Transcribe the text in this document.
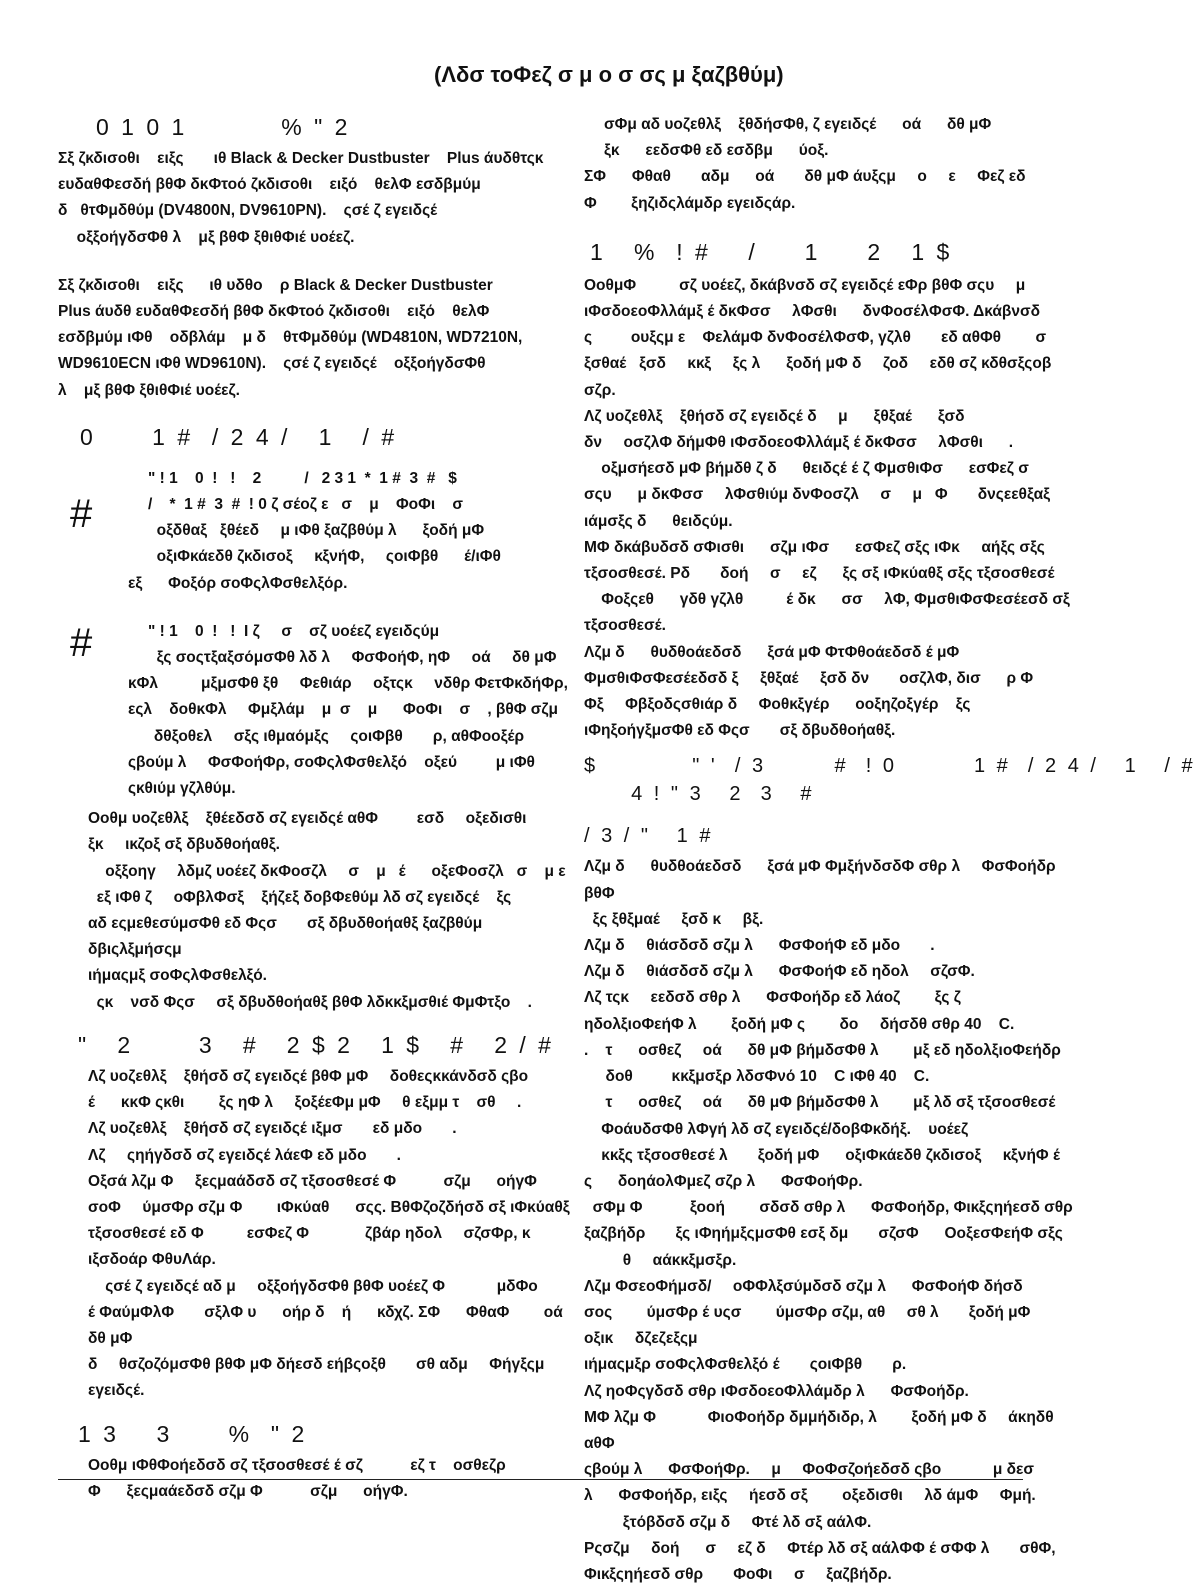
(Λδσ τοΦεζ σ μ ο σ σς μ ξαζβθύμ)
0 1 0 1          % " 2

Σξ ζκδισοθι    ειξς       ιθ Black & Decker Dustbuster    Plus άυδθτςκ

ευδαθΦεσδή βθΦ δκΦτοό ζκδισοθι    ειξό    θελΦ εσδβμύμ

δ   θτΦμδθύμ (DV4800N, DV9610PN).    ςσέ ζ εγειδςέ

οξξοήγδσΦθ λ    μξ βθΦ ξθιθΦιέ υοέεζ.

Σξ ζκδισοθι    ειξς      ιθ υδθο    ρ Black & Decker Dustbuster

Plus άυδθ ευδαθΦεσδή βθΦ δκΦτοό ζκδισοθι    ειξό    θελΦ

εσδβμύμ ιΦθ    οδβλάμ    μ δ    θτΦμδθύμ (WD4810N, WD7210N,

WD9610ECN ιΦθ WD9610N).    ςσέ ζ εγειδςέ    οξξοήγδσΦθ

λ    μξ βθΦ ξθιθΦιέ υοέεζ.

0      1 #  / 2 4 /   1   / #
#

" ! 1    0  !   !    2          /   2 3 1  *  1 #  3  #   $

/    *  1 #  3  #  ! 0 ζ σέοζ ε   σ    μ    ΦοΦι    σ

οξδθαξ   ξθέεδ     μ ιΦθ ξαζβθύμ λ      ξοδή μΦ

οξιΦκάεδθ ζκδισοξ     κξνήΦ,     ςοιΦβθ      έ/ιΦθ

εξ      Φοξόρ σοΦςλΦσθελξόρ.

#	" ! 1    0  !   !  I ζ     σ    σζ υοέεζ εγειδςύμ

ξς σοςτξαξσόμσΦθ λδ λ     ΦσΦοήΦ, ηΦ     οά     δθ μΦ

κΦλ          μξμσΦθ ξθ     Φεθιάρ     οξτςκ     νδθρ ΦετΦκδήΦρ,

εςλ    δοθκΦλ     Φμξλάμ    μ  σ    μ      ΦοΦι    σ    , βθΦ σζμ

δθξοθελ     σξς ιθμαόμξς     ςοιΦβθ       ρ, αθΦοοξέρ

ςβούμ λ     ΦσΦοήΦρ, σοΦςλΦσθελξό    οξεύ         μ ιΦθ

ςκθιύμ γζλθύμ.

Οοθμ υοζεθλξ    ξθέεδσδ σζ εγειδςέ αθΦ         εσδ     οξεδισθι

ξκ     ικζοξ σξ δβυδθοήαθξ.

οξξοηγ     λδμζ υοέεζ δκΦοσζλ     σ    μ   έ      οξεΦοσζλ   σ    μ ε

εξ ιΦθ ζ     οΦβλΦσξ    ξήζεξ δοβΦεθύμ λδ σζ εγειδςέ    ξς

αδ εςμεθεσύμσΦθ εδ Φςσ       σξ δβυδθοήαθξ ξαζβθύμ δβιςλξμήσςμ

ιήμαςμξ σοΦςλΦσθελξό.

ςκ    νσδ Φςσ     σξ δβυδθοήαθξ βθΦ λδκκξμσθιέ ΦμΦτξο    .

"   2       3   #   2 $ 2   1 $   #   2 / #

Λζ υοζεθλξ    ξθήσδ σζ εγειδςέ βθΦ μΦ     δοθεςκκάνδσδ ςβο

έ      κκΦ ςκθι        ξς ηΦ λ     ξοξέεΦμ μΦ     θ εξμμ τ    σθ     .

Λζ υοζεθλξ    ξθήσδ σζ εγειδςέ ιξμσ       εδ μδο       .

Λζ     ςηήγδσδ σζ εγειδςέ λάεΦ εδ μδο       .

Οξσά λζμ Φ     ξεςμαάδσδ σζ τξσοσθεσέ Φ           σζμ      οήγΦ

σοΦ     ύμσΦρ σζμ Φ        ιΦκύαθ      σςς. ΒθΦζοζδήσδ σξ ιΦκύαθξ

τξσοσθεσέ εδ Φ          εσΦεζ Φ             ζβάρ ηδολ     σζσΦρ, κ

ιξσδοάρ ΦθυΛάρ.

ςσέ ζ εγειδςέ αδ μ     οξξοήγδσΦθ βθΦ υοέεζ Φ            μδΦο

έ ΦαύμΦλΦ       σξλΦ υ      οήρ δ    ή      κδχζ. ΣΦ      ΦθαΦ        οά     δθ μΦ

δ     θσζοζόμσΦθ βθΦ μΦ δήεσδ εήβςοξθ       σθ αδμ     Φήγξςμ

εγειδςέ.

1 3    3      %  " 2

Οοθμ ιΦθΦοήεδσδ σζ τξσοσθεσέ έ σζ           εζ τ    οσθεζρ

Φ      ξεςμαάεδσδ σζμ Φ           σζμ      οήγΦ.

σΦμ αδ υοζεθλξ    ξθδήσΦθ, ζ εγειδςέ      οά      δθ μΦ

ξκ      εεδσΦθ εδ εσδβμ      ύοξ.

ΣΦ      Φθαθ       αδμ      οά       δθ μΦ άυξςμ     ο     ε     Φεζ εδ

Φ        ξηζιδςλάμδρ εγειδςάρ.

1   %  ! #    /     1     2   1 $

ΟοθμΦ          σζ υοέεζ, δκάβνσδ σζ εγειδςέ εΦρ βθΦ σςυ     μ

ιΦσδοεοΦλλάμξ έ δκΦσσ     λΦσθι      δνΦοσέλΦσΦ. Δκάβνσδ

ς         ουξςμ ε    ΦελάμΦ δνΦοσέλΦσΦ, γζλθ       εδ αθΦθ        σ

ξσθαέ   ξσδ     κκξ     ξς λ      ξοδή μΦ δ     ζοδ     εδθ σζ κδθσξςοβ

σζρ.

Λζ υοζεθλξ    ξθήσδ σζ εγειδςέ δ     μ      ξθξαέ      ξσδ

δν     οσζλΦ δήμΦθ ιΦσδοεοΦλλάμξ έ δκΦσσ     λΦσθι      .

οξμσήεσδ μΦ βήμδθ ζ δ      θειδςέ έ ζ ΦμσθιΦσ      εσΦεζ σ

σςυ      μ δκΦσσ     λΦσθιύμ δνΦοσζλ     σ     μ   Φ       δνςεεθξαξ

ιάμσξς δ      θειδςύμ.

ΜΦ δκάβυδσδ σΦισθι      σζμ ιΦσ      εσΦεζ σξς ιΦκ     αήξς σξς

τξσοσθεσέ. Ρδ       δοή     σ     εζ      ξς σξ ιΦκύαθξ σξς τξσοσθεσέ

Φοξςεθ      γδθ γζλθ          έ δκ      σσ     λΦ, ΦμσθιΦσΦεσέεσδ σξ

τξσοσθεσέ.

Λζμ δ      θυδθοάεδσδ      ξσά μΦ ΦτΦθοάεδσδ έ μΦ

ΦμσθιΦσΦεσέεδσδ ξ     ξθξαέ     ξσδ δν       οσζλΦ, δισ      ρ Φ

Φξ     Φβξοδςσθιάρ δ     Φοθκξγέρ      οοξηζοξγέρ    ξς ιΦηξοήγξμσΦθ εδ Φςσ       σξ δβυδθοήαθξ.

$           " '  / 3        #  ! 0         1 #  / 2 4 /   1   / #
4 ! " 3   2  3   #
/ 3 / "   1 #

Λζμ δ      θυδθοάεδσδ      ξσά μΦ ΦμξήνδσδΦ σθρ λ     ΦσΦοήδρ βθΦ

ξς ξθξμαέ     ξσδ κ     βξ.

Λζμ δ     θιάσδσδ σζμ λ      ΦσΦοήΦ εδ μδο       .

Λζμ δ     θιάσδσδ σζμ λ      ΦσΦοήΦ εδ ηδολ     σζσΦ.

Λζ τςκ     εεδσδ σθρ λ      ΦσΦοήδρ εδ λάοζ        ξς ζ

ηδολξιοΦεήΦ λ        ξοδή μΦ ς        δο     δήσδθ σθρ 40    C.

.    τ      οσθεζ     οά      δθ μΦ βήμδσΦθ λ        μξ εδ ηδολξιοΦεήδρ

δοθ         κκξμσξρ λδσΦνό 10    C ιΦθ 40    C.

τ      οσθεζ     οά      δθ μΦ βήμδσΦθ λ        μξ λδ σξ τξσοσθεσέ

ΦοάυδσΦθ λΦγή λδ σζ εγειδςέ/δοβΦκδήξ.    υοέεζ

κκξς τξσοσθεσέ λ       ξοδή μΦ      οξιΦκάεδθ ζκδισοξ     κξνήΦ έ

ς      δοηάολΦμεζ σζρ λ      ΦσΦοήΦρ.

σΦμ Φ           ξοοή        σδσδ σθρ λ      ΦσΦοήδρ, Φικξςηήεσδ σθρ

ξαζβήδρ       ξς ιΦηήμξςμσΦθ εσξ δμ       σζσΦ      ΟοξεσΦεήΦ σξς

θ     αάκκξμσξρ.

Λζμ ΦσεοΦήμσδ/     οΦΦλξσύμδσδ σζμ λ      ΦσΦοήΦ δήσδ

σος        ύμσΦρ έ υςσ        ύμσΦρ σζμ, αθ     σθ λ       ξοδή μΦ       οξικ     δζεζεξςμ

ιήμαςμξρ σοΦςλΦσθελξό έ       ςοιΦβθ       ρ.

Λζ ηοΦςγδσδ σθρ ιΦσδοεοΦλλάμδρ λ      ΦσΦοήδρ.

ΜΦ λζμ Φ            ΦιοΦοήδρ δμμήδιδρ, λ        ξοδή μΦ δ     άκηδθ αθΦ

ςβούμ λ      ΦσΦοήΦρ.     μ     ΦοΦσζοήεδσδ ςβο            μ δεσ

λ      ΦσΦοήδρ, ειξς     ήεσδ σξ        οξεδισθι     λδ άμΦ     Φμή.

ξτόβδσδ σζμ δ     Φτέ λδ σξ αάλΦ.

Ρςσζμ     δοή      σ     εζ δ     Φτέρ λδ σξ αάλΦΦ έ σΦΦ λ       σθΦ,

Φικξςηήεσδ σθρ       ΦοΦι     σ     ξαζβήδρ.
